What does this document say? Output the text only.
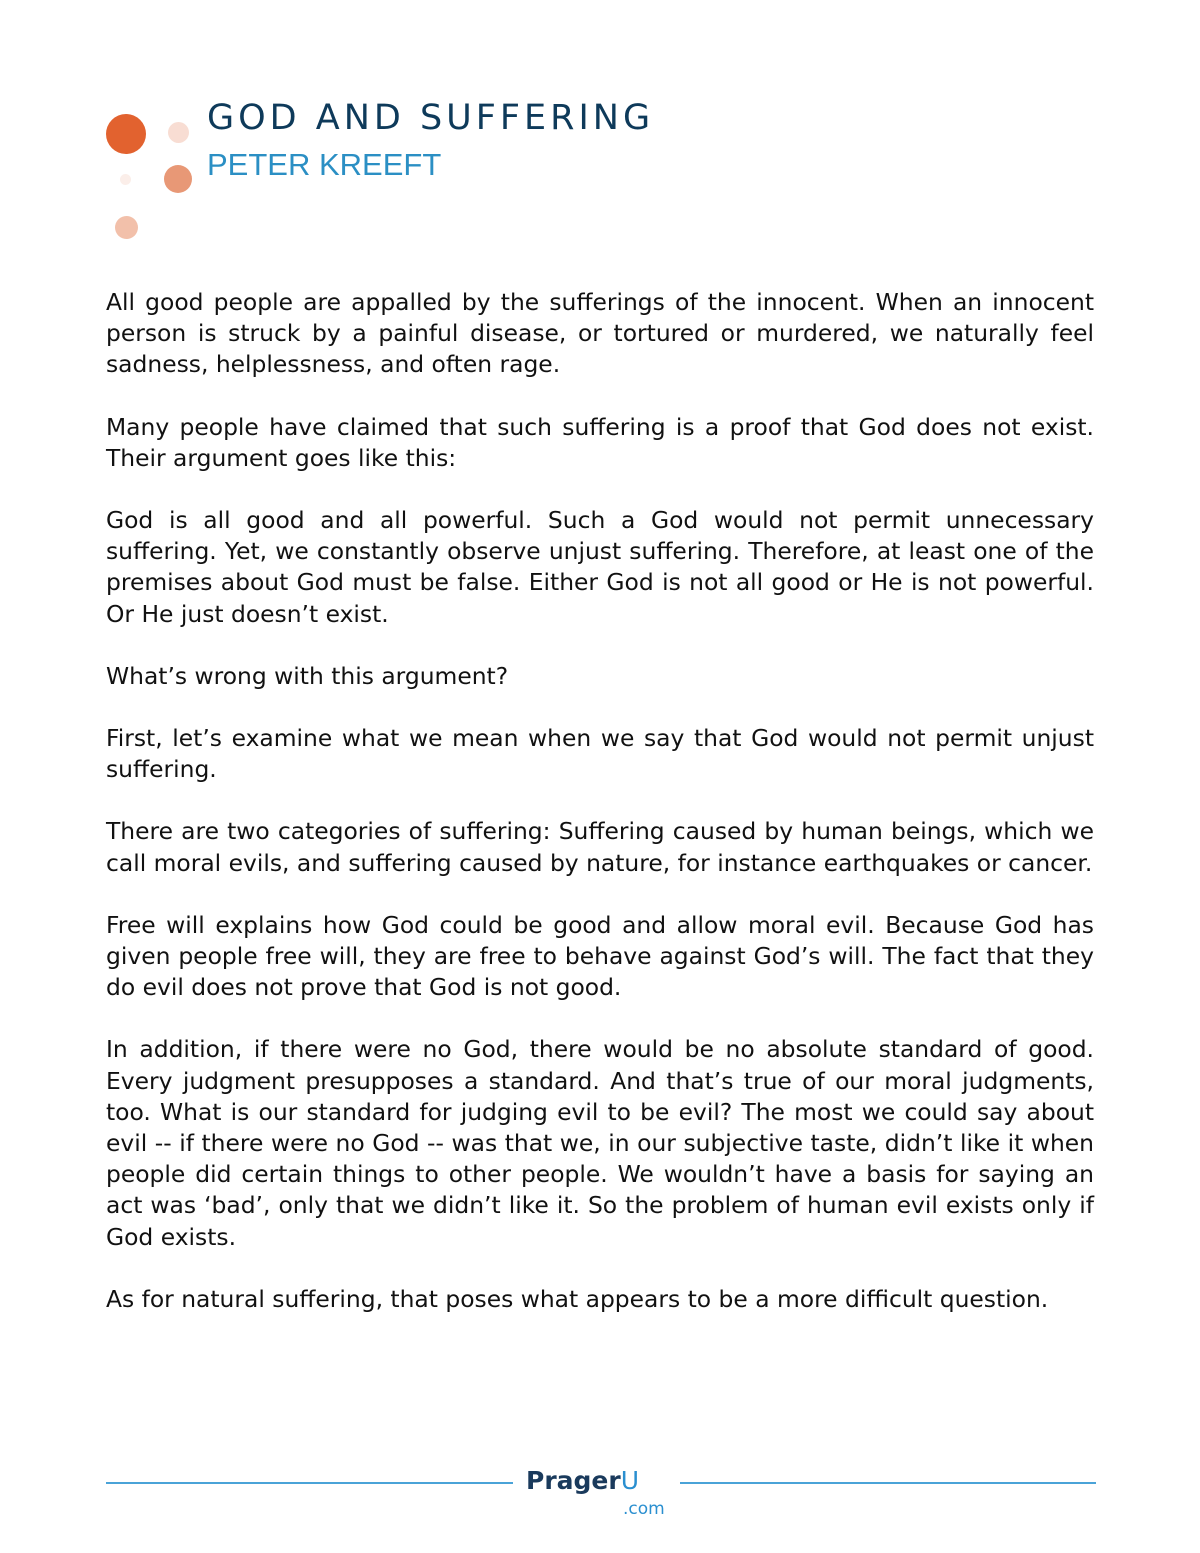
GOD AND SUFFERING
PETER KREEFT

All good people are appalled by the sufferings of the innocent. When an innocent person is struck by a painful disease, or tortured or murdered, we naturally feel sadness, helplessness, and often rage.

Many people have claimed that such suffering is a proof that God does not exist. Their argument goes like this:

God is all good and all powerful. Such a God would not permit unnecessary suffering. Yet, we constantly observe unjust suffering. Therefore, at least one of the premises about God must be false. Either God is not all good or He is not powerful. Or He just doesn’t exist.

What’s wrong with this argument?

First, let’s examine what we mean when we say that God would not permit unjust suffering.

There are two categories of suffering: Suffering caused by human beings, which we call moral evils, and suffering caused by nature, for instance earthquakes or cancer.

Free will explains how God could be good and allow moral evil. Because God has given people free will, they are free to behave against God’s will. The fact that they do evil does not prove that God is not good.

In addition, if there were no God, there would be no absolute standard of good. Every judgment presupposes a standard. And that’s true of our moral judgments, too. What is our standard for judging evil to be evil? The most we could say about evil -- if there were no God -- was that we, in our subjective taste, didn’t like it when people did certain things to other people. We wouldn’t have a basis for saying an act was ‘bad’, only that we didn’t like it. So the problem of human evil exists only if God exists.

As for natural suffering, that poses what appears to be a more difficult question.

PragerU
.com
